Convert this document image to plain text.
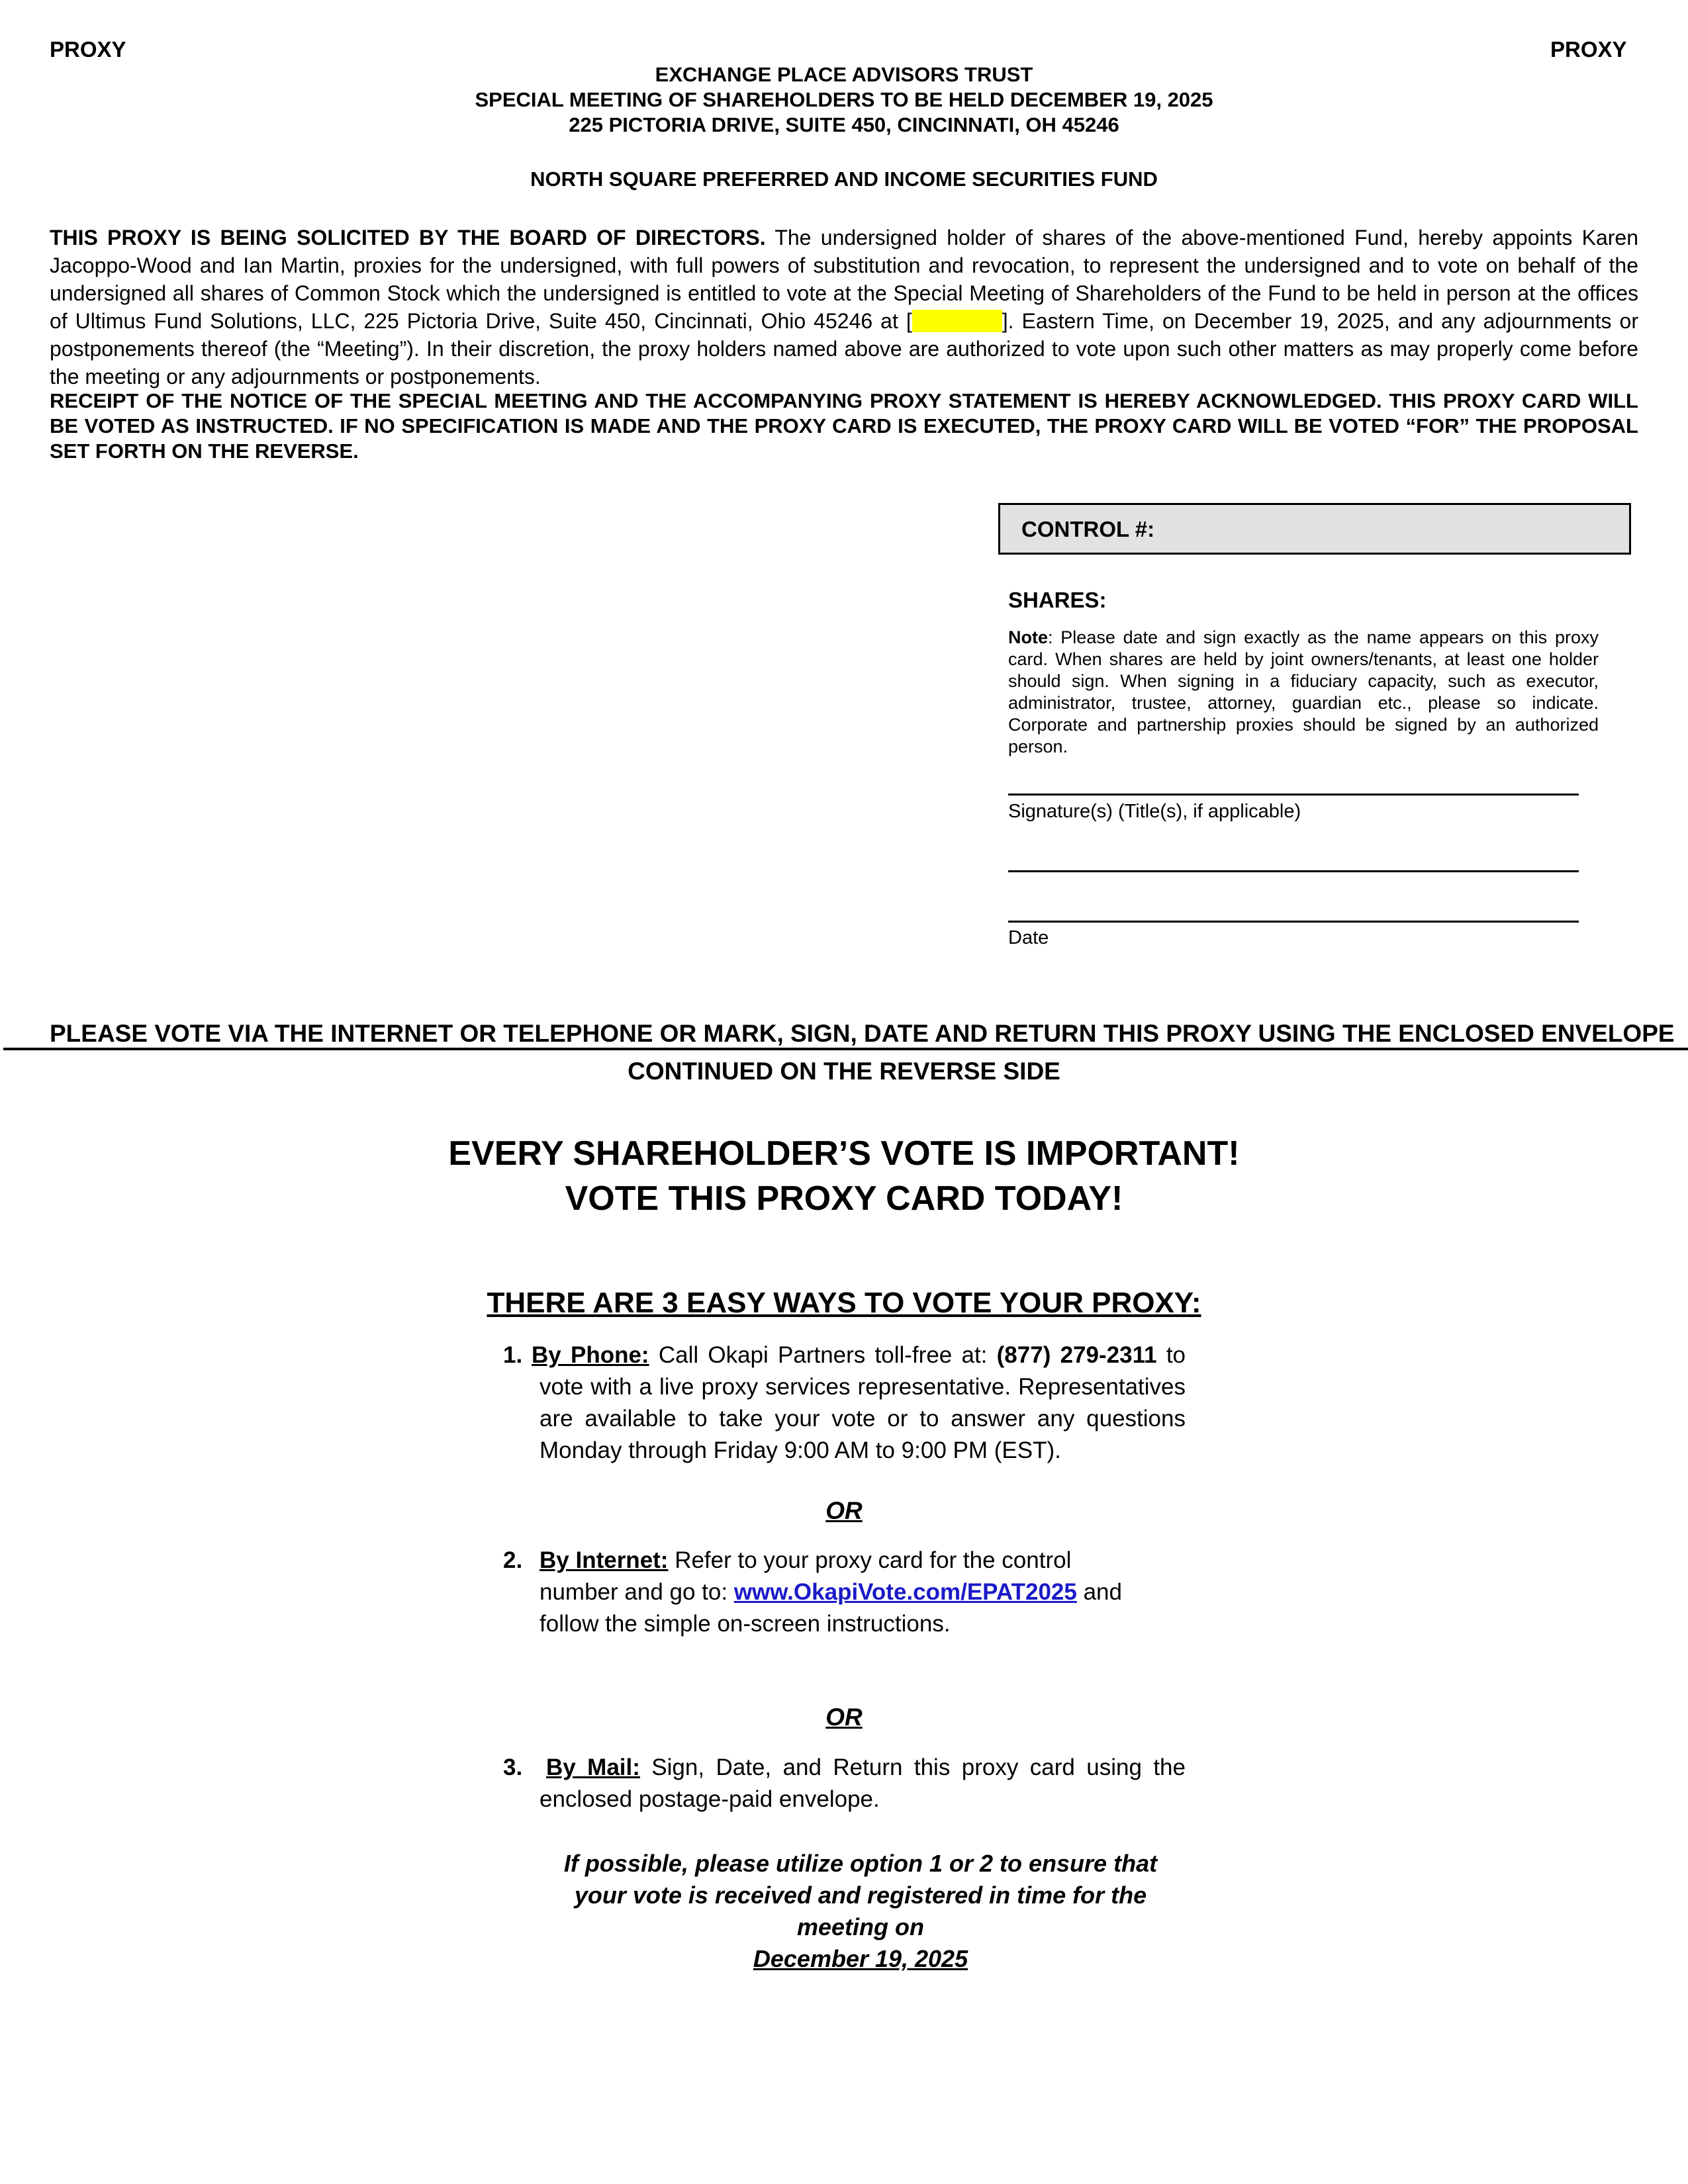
PROXY	PROXY
EXCHANGE PLACE ADVISORS TRUST
SPECIAL MEETING OF SHAREHOLDERS TO BE HELD DECEMBER 19, 2025
225 PICTORIA DRIVE, SUITE 450, CINCINNATI, OH 45246
NORTH SQUARE PREFERRED AND INCOME SECURITIES FUND
THIS PROXY IS BEING SOLICITED BY THE BOARD OF DIRECTORS. The undersigned holder of shares of the above-mentioned Fund, hereby appoints Karen Jacoppo-Wood and Ian Martin, proxies for the undersigned, with full powers of substitution and revocation, to represent the undersigned and to vote on behalf of the undersigned all shares of Common Stock which the undersigned is entitled to vote at the Special Meeting of Shareholders of the Fund to be held in person at the offices of Ultimus Fund Solutions, LLC, 225 Pictoria Drive, Suite 450, Cincinnati, Ohio 45246 at [	]. Eastern Time, on December 19, 2025, and any adjournments or postponements thereof (the “Meeting”). In their discretion, the proxy holders named above are authorized to vote upon such other matters as may properly come before the meeting or any adjournments or postponements.
RECEIPT OF THE NOTICE OF THE SPECIAL MEETING AND THE ACCOMPANYING PROXY STATEMENT IS HEREBY ACKNOWLEDGED. THIS PROXY CARD WILL BE VOTED AS INSTRUCTED. IF NO SPECIFICATION IS MADE AND THE PROXY CARD IS EXECUTED, THE PROXY CARD WILL BE VOTED “FOR” THE PROPOSAL SET FORTH ON THE REVERSE.
CONTROL #:
SHARES:
Note: Please date and sign exactly as the name appears on this proxy card. When shares are held by joint owners/tenants, at least one holder should sign. When signing in a fiduciary capacity, such as executor, administrator, trustee, attorney, guardian etc., please so indicate. Corporate and partnership proxies should be signed by an authorized person.
Signature(s) (Title(s), if applicable)
Date
PLEASE VOTE VIA THE INTERNET OR TELEPHONE OR MARK, SIGN, DATE AND RETURN THIS PROXY USING THE ENCLOSED ENVELOPE
CONTINUED ON THE REVERSE SIDE
EVERY SHAREHOLDER’S VOTE IS IMPORTANT!
VOTE THIS PROXY CARD TODAY!
THERE ARE 3 EASY WAYS TO VOTE YOUR PROXY:
1. By Phone: Call Okapi Partners toll-free at: (877) 279-2311 to vote with a live proxy services representative. Representatives are available to take your vote or to answer any questions Monday through Friday 9:00 AM to 9:00 PM (EST).
OR
2. By Internet: Refer to your proxy card for the control number and go to: www.OkapiVote.com/EPAT2025 and follow the simple on-screen instructions.
OR
3. By Mail: Sign, Date, and Return this proxy card using the enclosed postage-paid envelope.
If possible, please utilize option 1 or 2 to ensure that your vote is received and registered in time for the meeting on
December 19, 2025
